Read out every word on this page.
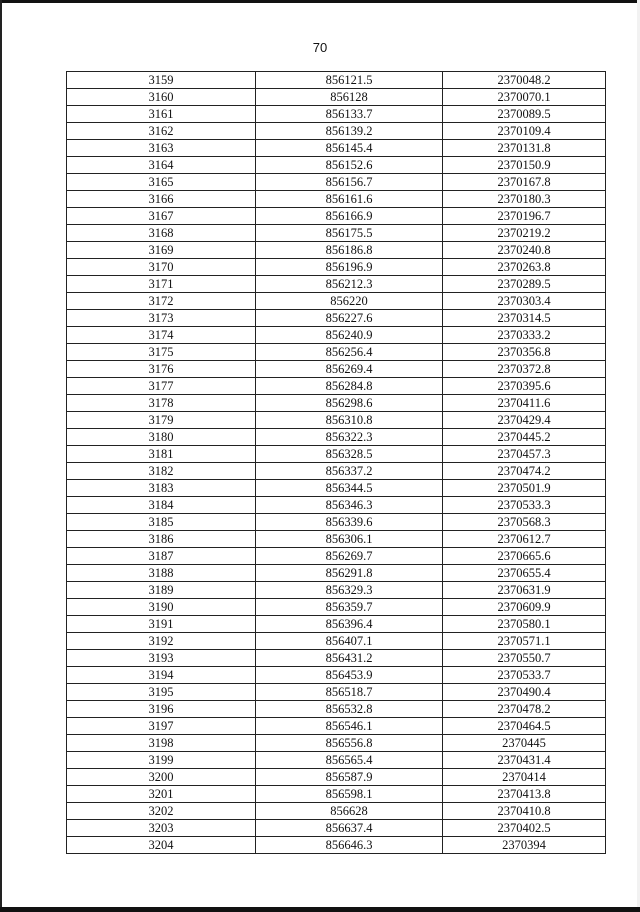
70
3159	856121.5	2370048.2
3160	856128	2370070.1
3161	856133.7	2370089.5
3162	856139.2	2370109.4
3163	856145.4	2370131.8
3164	856152.6	2370150.9
3165	856156.7	2370167.8
3166	856161.6	2370180.3
3167	856166.9	2370196.7
3168	856175.5	2370219.2
3169	856186.8	2370240.8
3170	856196.9	2370263.8
3171	856212.3	2370289.5
3172	856220	2370303.4
3173	856227.6	2370314.5
3174	856240.9	2370333.2
3175	856256.4	2370356.8
3176	856269.4	2370372.8
3177	856284.8	2370395.6
3178	856298.6	2370411.6
3179	856310.8	2370429.4
3180	856322.3	2370445.2
3181	856328.5	2370457.3
3182	856337.2	2370474.2
3183	856344.5	2370501.9
3184	856346.3	2370533.3
3185	856339.6	2370568.3
3186	856306.1	2370612.7
3187	856269.7	2370665.6
3188	856291.8	2370655.4
3189	856329.3	2370631.9
3190	856359.7	2370609.9
3191	856396.4	2370580.1
3192	856407.1	2370571.1
3193	856431.2	2370550.7
3194	856453.9	2370533.7
3195	856518.7	2370490.4
3196	856532.8	2370478.2
3197	856546.1	2370464.5
3198	856556.8	2370445
3199	856565.4	2370431.4
3200	856587.9	2370414
3201	856598.1	2370413.8
3202	856628	2370410.8
3203	856637.4	2370402.5
3204	856646.3	2370394
